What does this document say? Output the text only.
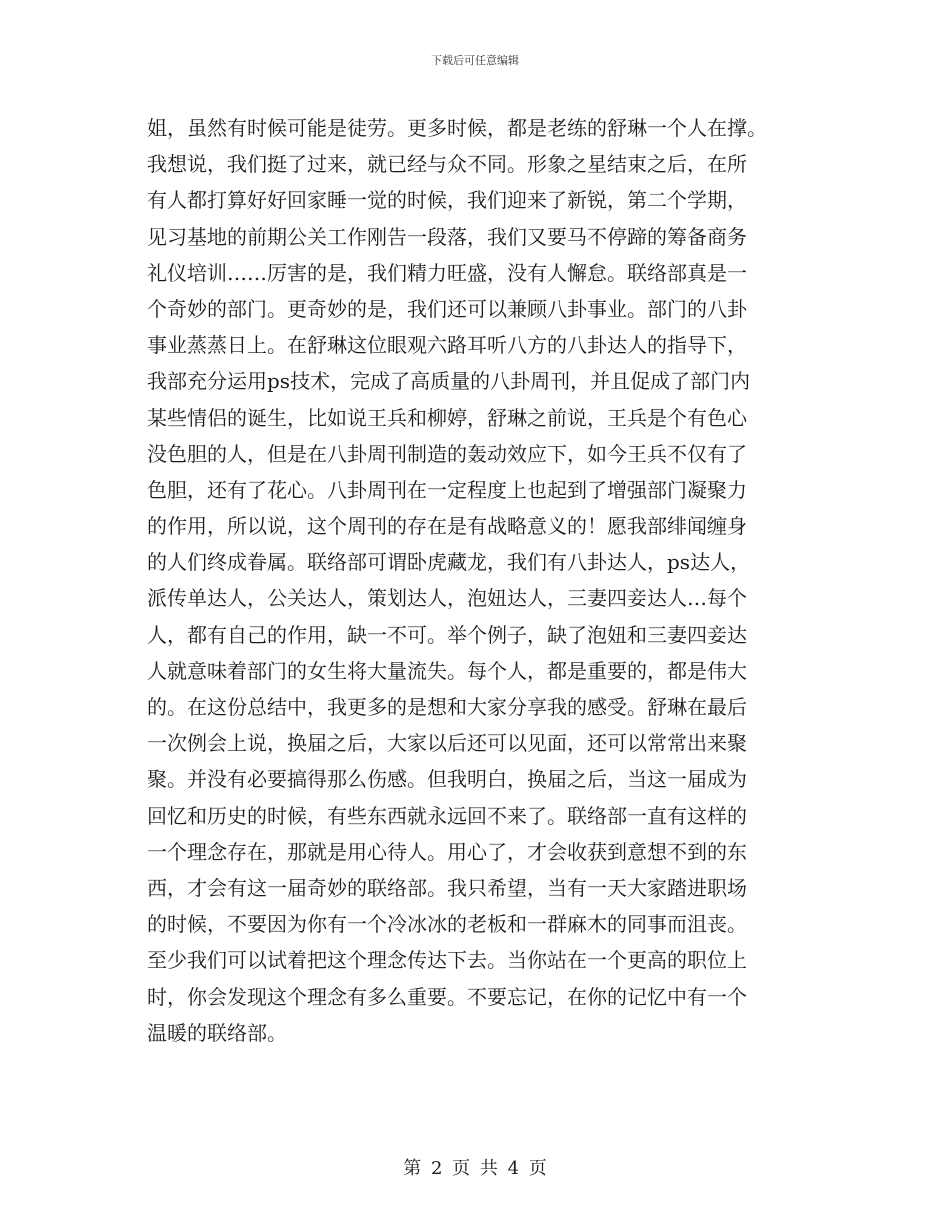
下载后可任意编辑
姐，虽然有时候可能是徒劳。更多时候，都是老练的舒琳一个人在撑。
我想说，我们挺了过来，就已经与众不同。形象之星结束之后，在所
有人都打算好好回家睡一觉的时候，我们迎来了新锐，第二个学期，
见习基地的前期公关工作刚告一段落，我们又要马不停蹄的筹备商务
礼仪培训……厉害的是，我们精力旺盛，没有人懈怠。联络部真是一
个奇妙的部门。更奇妙的是，我们还可以兼顾八卦事业。部门的八卦
事业蒸蒸日上。在舒琳这位眼观六路耳听八方的八卦达人的指导下，
我部充分运用ps技术，完成了高质量的八卦周刊，并且促成了部门内
某些情侣的诞生，比如说王兵和柳婷，舒琳之前说，王兵是个有色心
没色胆的人，但是在八卦周刊制造的轰动效应下，如今王兵不仅有了
色胆，还有了花心。八卦周刊在一定程度上也起到了增强部门凝聚力
的作用，所以说，这个周刊的存在是有战略意义的！愿我部绯闻缠身
的人们终成眷属。联络部可谓卧虎藏龙，我们有八卦达人，ps达人，
派传单达人，公关达人，策划达人，泡妞达人，三妻四妾达人…每个
人，都有自己的作用，缺一不可。举个例子，缺了泡妞和三妻四妾达
人就意味着部门的女生将大量流失。每个人，都是重要的，都是伟大
的。在这份总结中，我更多的是想和大家分享我的感受。舒琳在最后
一次例会上说，换届之后，大家以后还可以见面，还可以常常出来聚
聚。并没有必要搞得那么伤感。但我明白，换届之后，当这一届成为
回忆和历史的时候，有些东西就永远回不来了。联络部一直有这样的
一个理念存在，那就是用心待人。用心了，才会收获到意想不到的东
西，才会有这一届奇妙的联络部。我只希望，当有一天大家踏进职场
的时候，不要因为你有一个冷冰冰的老板和一群麻木的同事而沮丧。
至少我们可以试着把这个理念传达下去。当你站在一个更高的职位上
时，你会发现这个理念有多么重要。不要忘记，在你的记忆中有一个
温暖的联络部。
第 2 页 共 4 页
